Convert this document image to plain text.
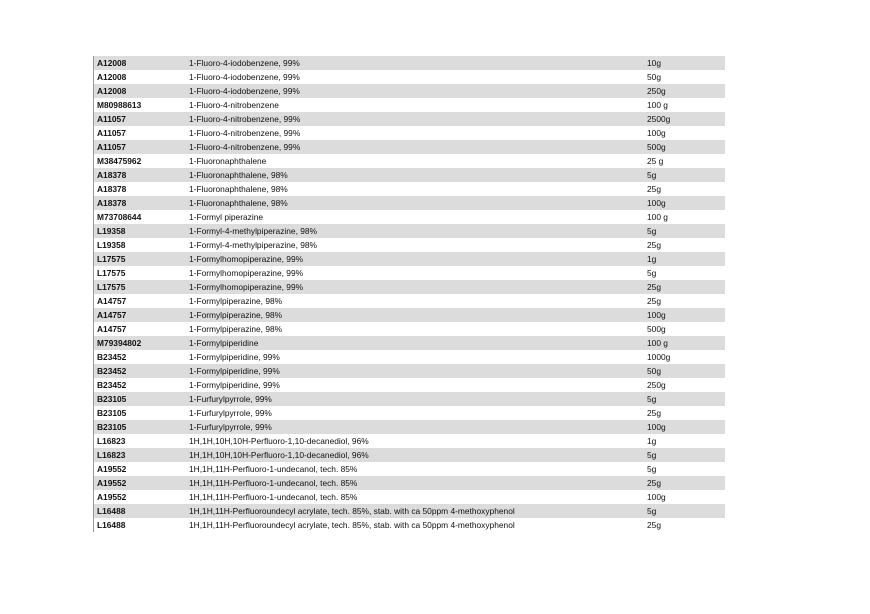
A12008	1-Fluoro-4-iodobenzene, 99%	10g
A12008	1-Fluoro-4-iodobenzene, 99%	50g
A12008	1-Fluoro-4-iodobenzene, 99%	250g
M80988613	1-Fluoro-4-nitrobenzene	100 g
A11057	1-Fluoro-4-nitrobenzene, 99%	2500g
A11057	1-Fluoro-4-nitrobenzene, 99%	100g
A11057	1-Fluoro-4-nitrobenzene, 99%	500g
M38475962	1-Fluoronaphthalene	25 g
A18378	1-Fluoronaphthalene, 98%	5g
A18378	1-Fluoronaphthalene, 98%	25g
A18378	1-Fluoronaphthalene, 98%	100g
M73708644	1-Formyl piperazine	100 g
L19358	1-Formyl-4-methylpiperazine, 98%	5g
L19358	1-Formyl-4-methylpiperazine, 98%	25g
L17575	1-Formylhomopiperazine, 99%	1g
L17575	1-Formylhomopiperazine, 99%	5g
L17575	1-Formylhomopiperazine, 99%	25g
A14757	1-Formylpiperazine, 98%	25g
A14757	1-Formylpiperazine, 98%	100g
A14757	1-Formylpiperazine, 98%	500g
M79394802	1-Formylpiperidine	100 g
B23452	1-Formylpiperidine, 99%	1000g
B23452	1-Formylpiperidine, 99%	50g
B23452	1-Formylpiperidine, 99%	250g
B23105	1-Furfurylpyrrole, 99%	5g
B23105	1-Furfurylpyrrole, 99%	25g
B23105	1-Furfurylpyrrole, 99%	100g
L16823	1H,1H,10H,10H-Perfluoro-1,10-decanediol, 96%	1g
L16823	1H,1H,10H,10H-Perfluoro-1,10-decanediol, 96%	5g
A19552	1H,1H,11H-Perfluoro-1-undecanol, tech. 85%	5g
A19552	1H,1H,11H-Perfluoro-1-undecanol, tech. 85%	25g
A19552	1H,1H,11H-Perfluoro-1-undecanol, tech. 85%	100g
L16488	1H,1H,11H-Perfluoroundecyl acrylate, tech. 85%, stab. with ca 50ppm 4-methoxyphenol	5g
L16488	1H,1H,11H-Perfluoroundecyl acrylate, tech. 85%, stab. with ca 50ppm 4-methoxyphenol	25g
